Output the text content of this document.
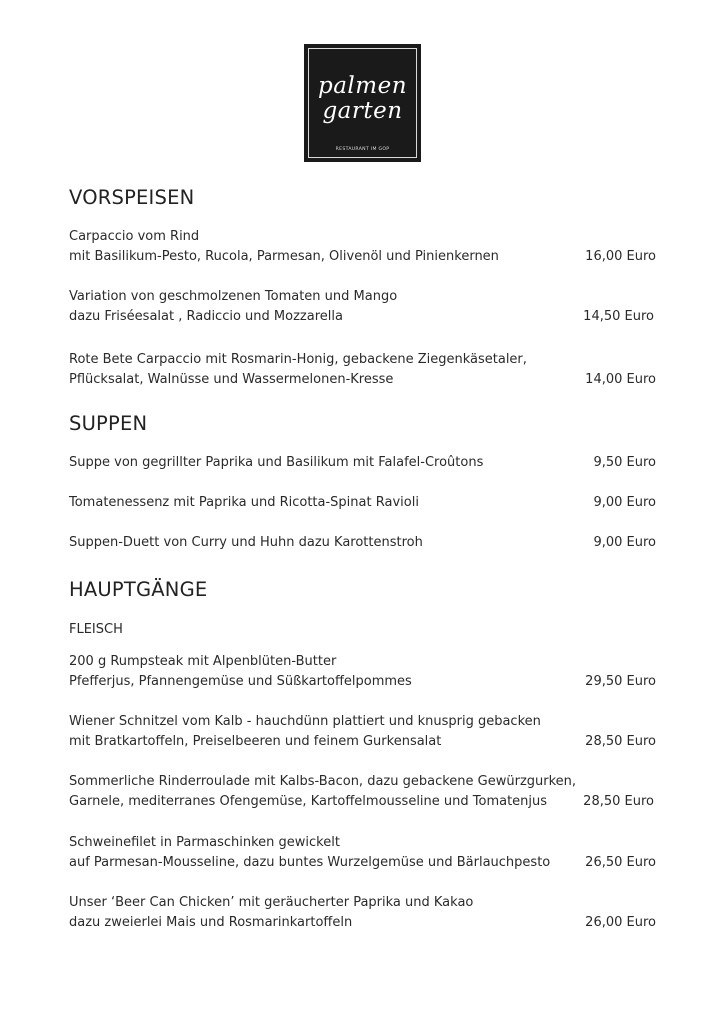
palmen
garten
RESTAURANT IM GOP
VORSPEISEN
Carpaccio vom Rind
mit Basilikum-Pesto, Rucola, Parmesan, Olivenöl und Pinienkernen	16,00 Euro
Variation von geschmolzenen Tomaten und Mango
dazu Friséesalat , Radiccio und Mozzarella	14,50 Euro
Rote Bete Carpaccio mit Rosmarin-Honig, gebackene Ziegenkäsetaler,
Pflücksalat, Walnüsse und Wassermelonen-Kresse	14,00 Euro
SUPPEN
Suppe von gegrillter Paprika und Basilikum mit Falafel-Croûtons	9,50 Euro
Tomatenessenz mit Paprika und Ricotta-Spinat Ravioli	9,00 Euro
Suppen-Duett von Curry und Huhn dazu Karottenstroh	9,00 Euro
HAUPTGÄNGE
FLEISCH
200 g Rumpsteak mit Alpenblüten-Butter
Pfefferjus, Pfannengemüse und Süßkartoffelpommes	29,50 Euro
Wiener Schnitzel vom Kalb - hauchdünn plattiert und knusprig gebacken
mit Bratkartoffeln, Preiselbeeren und feinem Gurkensalat	28,50 Euro
Sommerliche Rinderroulade mit Kalbs-Bacon, dazu gebackene Gewürzgurken,
Garnele, mediterranes Ofengemüse, Kartoffelmousseline und Tomatenjus	28,50 Euro
Schweinefilet in Parmaschinken gewickelt
auf Parmesan-Mousseline, dazu buntes Wurzelgemüse und Bärlauchpesto	26,50 Euro
Unser ‘Beer Can Chicken’ mit geräucherter Paprika und Kakao
dazu zweierlei Mais und Rosmarinkartoffeln	26,00 Euro
